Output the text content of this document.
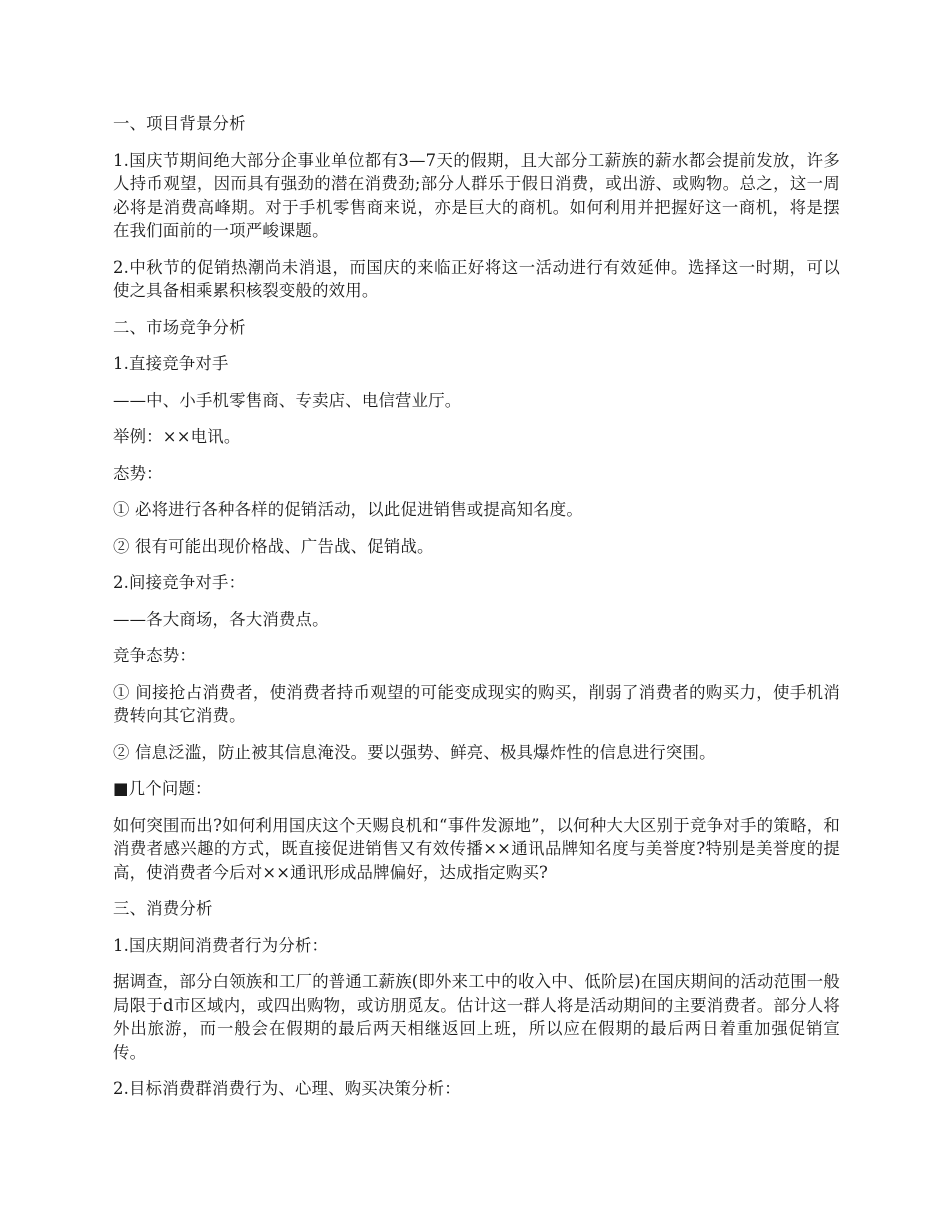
一、项目背景分析

1.国庆节期间绝大部分企事业单位都有3—7天的假期，且大部分工薪族的薪水都会提前发放，许多人持币观望，因而具有强劲的潜在消费劲;部分人群乐于假日消费，或出游、或购物。总之，这一周必将是消费高峰期。对于手机零售商来说，亦是巨大的商机。如何利用并把握好这一商机，将是摆在我们面前的一项严峻课题。

2.中秋节的促销热潮尚未消退，而国庆的来临正好将这一活动进行有效延伸。选择这一时期，可以使之具备相乘累积核裂变般的效用。

二、市场竞争分析

1.直接竞争对手

——中、小手机零售商、专卖店、电信营业厅。

举例：××电讯。

态势：

① 必将进行各种各样的促销活动，以此促进销售或提高知名度。

② 很有可能出现价格战、广告战、促销战。

2.间接竞争对手：

——各大商场，各大消费点。

竞争态势：

① 间接抢占消费者，使消费者持币观望的可能变成现实的购买，削弱了消费者的购买力，使手机消费转向其它消费。

② 信息泛滥，防止被其信息淹没。要以强势、鲜亮、极具爆炸性的信息进行突围。

■几个问题：

如何突围而出?如何利用国庆这个天赐良机和“事件发源地”，以何种大大区别于竞争对手的策略，和消费者感兴趣的方式，既直接促进销售又有效传播××通讯品牌知名度与美誉度?特别是美誉度的提高，使消费者今后对××通讯形成品牌偏好，达成指定购买?

三、消费分析

1.国庆期间消费者行为分析：

据调查，部分白领族和工厂的普通工薪族(即外来工中的收入中、低阶层)在国庆期间的活动范围一般局限于d市区域内，或四出购物，或访朋觅友。估计这一群人将是活动期间的主要消费者。部分人将外出旅游，而一般会在假期的最后两天相继返回上班，所以应在假期的最后两日着重加强促销宣传。

2.目标消费群消费行为、心理、购买决策分析：
